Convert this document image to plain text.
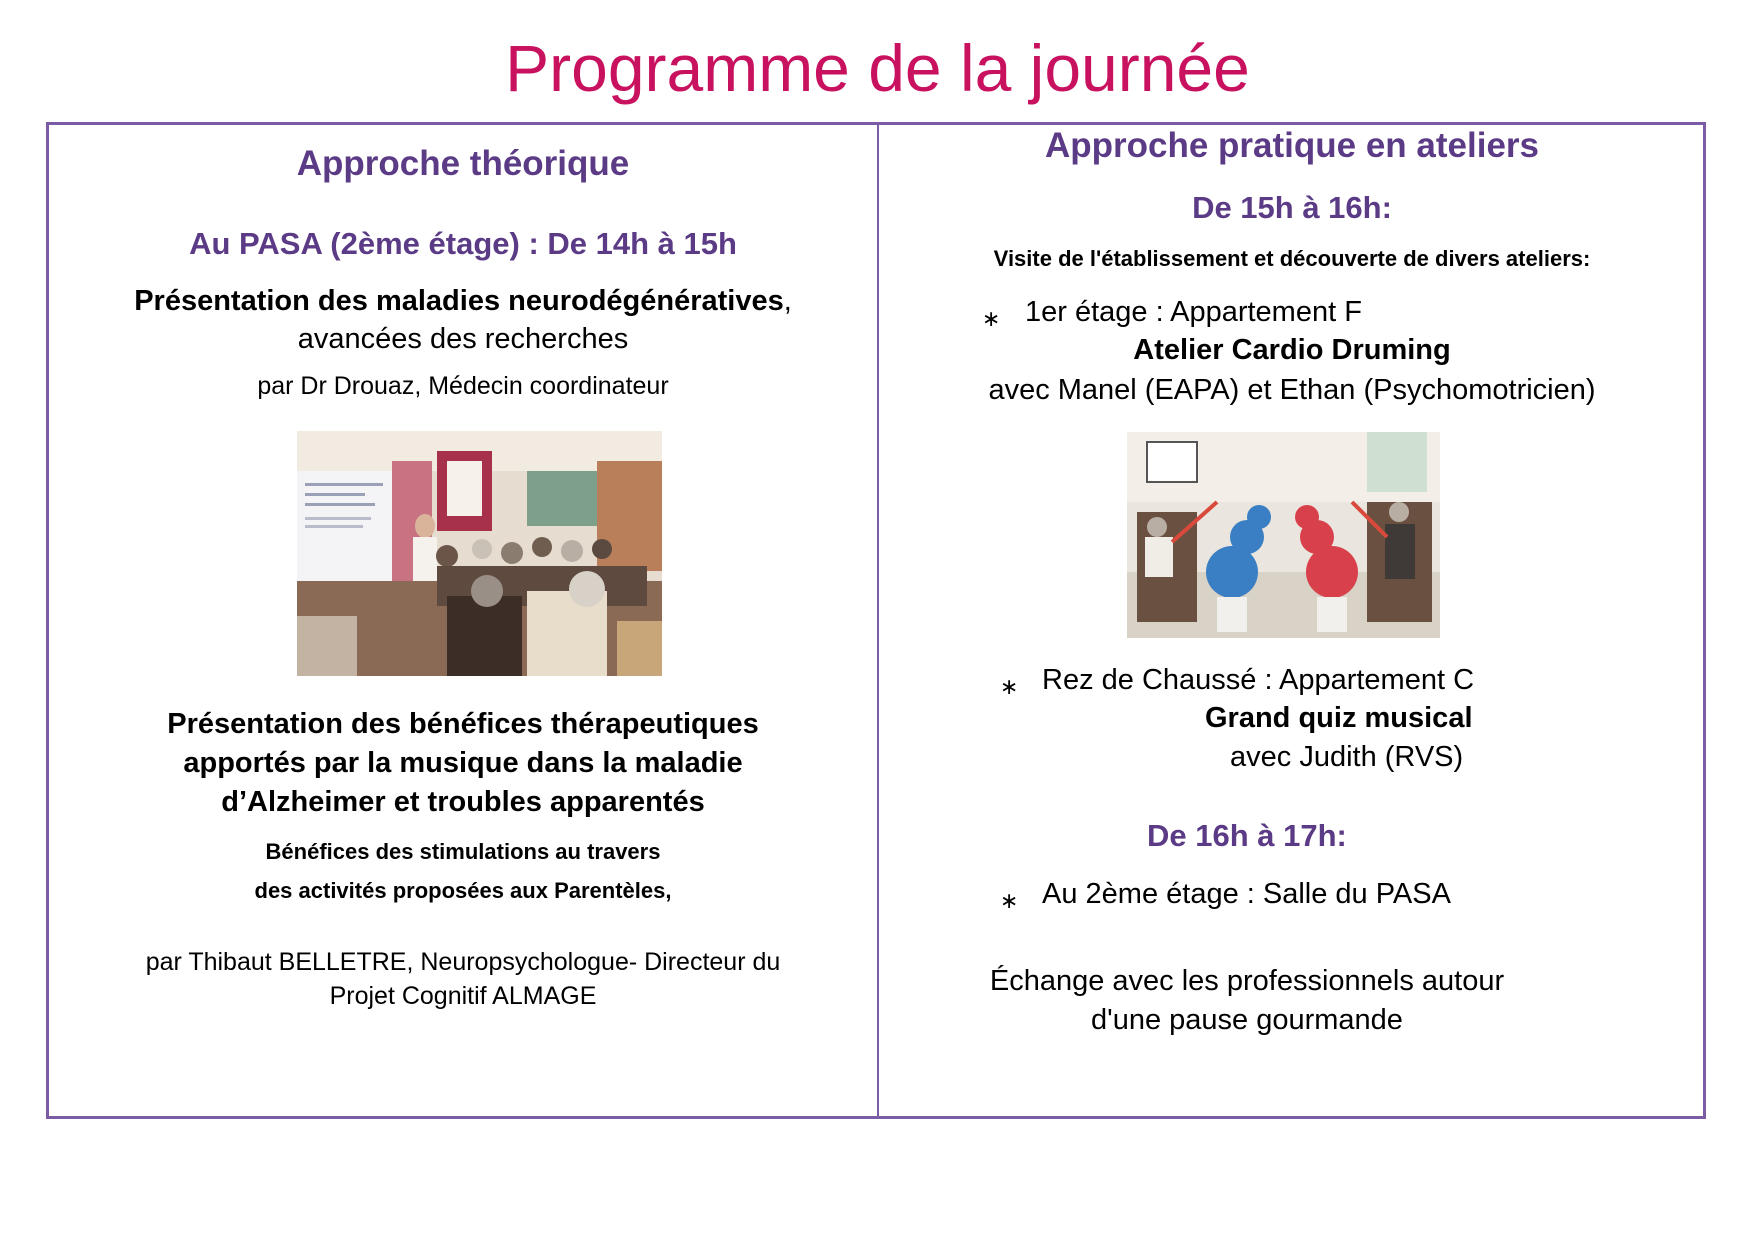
Programme de la journée
Approche théorique
Au PASA (2ème étage) : De 14h à 15h
Présentation des maladies neurodégénératives,
avancées des recherches
par Dr Drouaz, Médecin coordinateur
Présentation des bénéfices thérapeutiques
apportés par la musique dans la maladie
d’Alzheimer et troubles apparentés
Bénéfices des stimulations au travers
des activités proposées aux Parentèles,
par Thibaut BELLETRE, Neuropsychologue- Directeur du
Projet Cognitif ALMAGE
Approche pratique en ateliers
De 15h à 16h:
Visite de l'établissement et découverte de divers ateliers:
∗ 1er étage : Appartement F
Atelier Cardio Druming
avec Manel (EAPA) et Ethan (Psychomotricien)
∗ Rez de Chaussé : Appartement C
Grand quiz musical
avec Judith (RVS)
De 16h à 17h:
∗ Au 2ème étage : Salle du PASA
Échange avec les professionnels autour
d'une pause gourmande
